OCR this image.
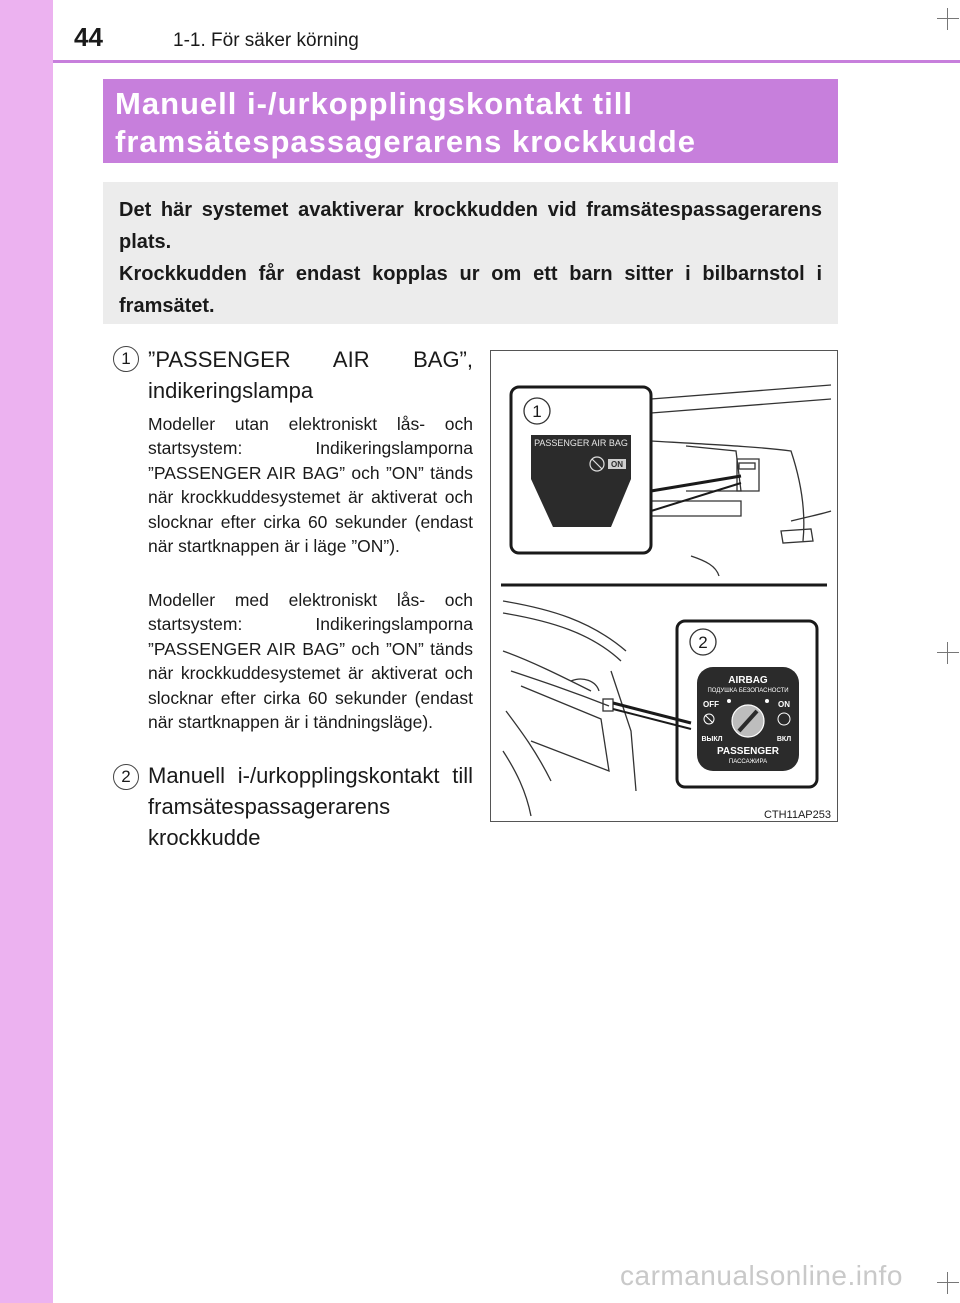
44	1-1. För säker körning
Manuell i-/urkopplingskontakt till
framsätespassagerarens krockkudde

Det här systemet avaktiverar krockkudden vid framsätespassagerarens plats.

Krockkudden får endast kopplas ur om ett barn sitter i bilbarnstol i framsätet.

1 ”PASSENGER AIR BAG”, indikeringslampa

Modeller utan elektroniskt lås- och startsystem: Indikeringslamporna ”PASSENGER AIR BAG” och ”ON” tänds när krockkuddesystemet är aktiverat och slocknar efter cirka 60 sekunder (endast när startknappen är i läge ”ON”).

Modeller med elektroniskt lås- och startsystem: Indikeringslamporna ”PASSENGER AIR BAG” och ”ON” tänds när krockkuddesystemet är aktiverat och slocknar efter cirka 60 sekunder (endast när startknappen är i tändningsläge).

2 Manuell i-/urkopplingskontakt till framsätespassagerarens krockkudde
1
PASSENGER AIR BAG
ON
2
AIRBAG
ПОДУШКА БЕЗОПАСНОСТИ
OFF	ON
ВЫКЛ	ВКЛ
PASSENGER
ПАССАЖИРА
CTH11AP253
carmanualsonline.info
